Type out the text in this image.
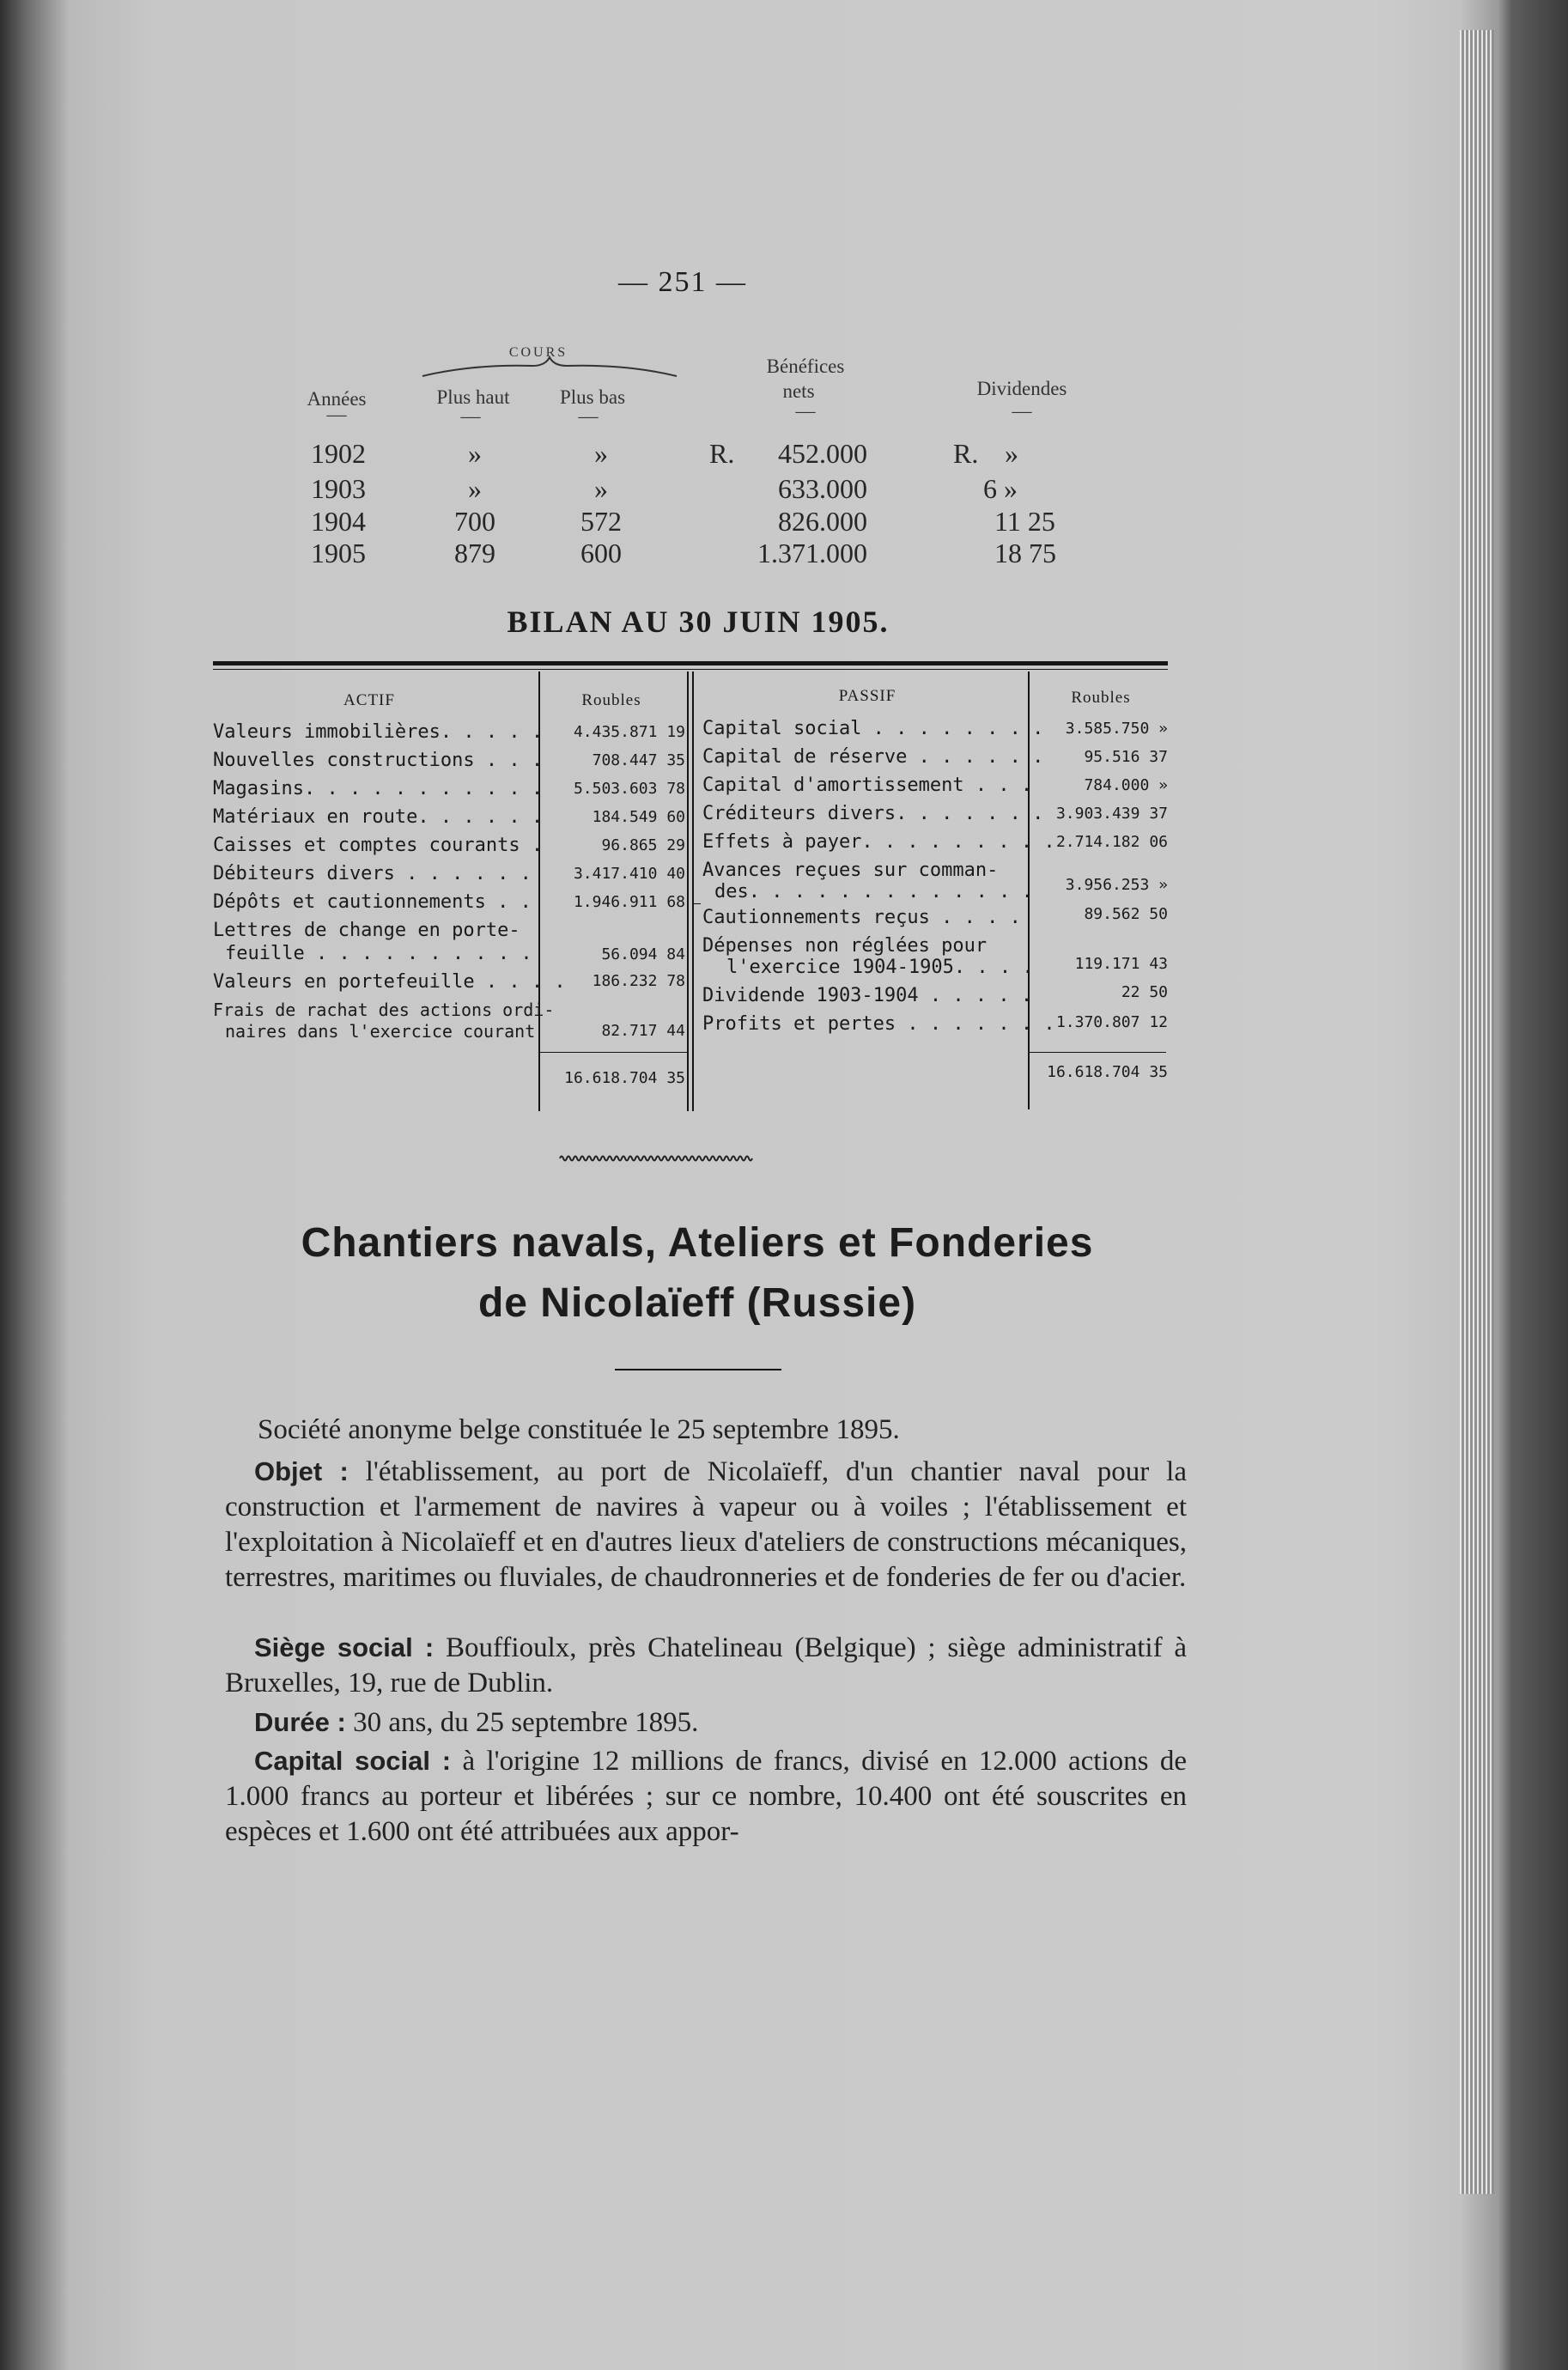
— 251 —
COURS
Années	Plus haut	Plus bas
Bénéfices
nets	Dividendes
—	—	—	—	—
1902	»	»	R. 452.000	R. »
1903	»	»	633.000	6 »
1904	700	572	826.000	11 25
1905	879	600	1.371.000	18 75
BILAN AU 30 JUIN 1905.
ACTIF	Roubles	PASSIF	Roubles
Valeurs immobilières. . . . . 4.435.871 19
Nouvelles constructions . . .	708.447 35
Magasins. . . . . . . . . . . 5.503.603 78
Matériaux en route. . . . . .	184.549 60
Caisses et comptes courants .	96.865 29
Débiteurs divers . . . . . .	3.417.410 40
Dépôts et cautionnements . .	1.946.911 68
Lettres de change en porte-
feuille . . . . . . . . . .	56.094 84
Valeurs en portefeuille . . . . 186.232 78
Frais de rachat des actions ordi-
naires dans l'exercice courant	82.717 44
16.618.704 35
Capital social . . . . . . . . 3.585.750 »
Capital de réserve . . . . . .	95.516 37
Capital d'amortissement . . .	784.000 »
Créditeurs divers. . . . . . . 3.903.439 37
Effets à payer. . . . . . . . . 2.714.182 06
Avances reçues sur comman-
des. . . . . . . . . . . . . 3.956.253 »
Cautionnements reçus . . . .	89.562 50
Dépenses non réglées pour
l'exercice 1904-1905. . . .	119.171 43
Dividende 1903-1904 . . . . .	22 50
Profits et pertes . . . . . . . 1.370.807 12
16.618.704 35
Chantiers navals, Ateliers et Fonderies
de Nicolaïeff (Russie)
Société anonyme belge constituée le 25 septembre 1895.
Objet : l'établissement, au port de Nicolaïeff, d'un chantier naval pour la construction et l'armement de navires à vapeur ou à voiles ; l'établissement et l'exploitation à Nicolaïeff et en d'autres lieux d'ateliers de constructions mécaniques, terrestres, maritimes ou fluviales, de chaudronneries et de fonderies de fer ou d'acier.
Siège social : Bouffioulx, près Chatelineau (Belgique) ; siège administratif à Bruxelles, 19, rue de Dublin.
Durée : 30 ans, du 25 septembre 1895.
Capital social : à l'origine 12 millions de francs, divisé en 12.000 actions de 1.000 francs au porteur et libérées ; sur ce nombre, 10.400 ont été souscrites en espèces et 1.600 ont été attribuées aux appor-
